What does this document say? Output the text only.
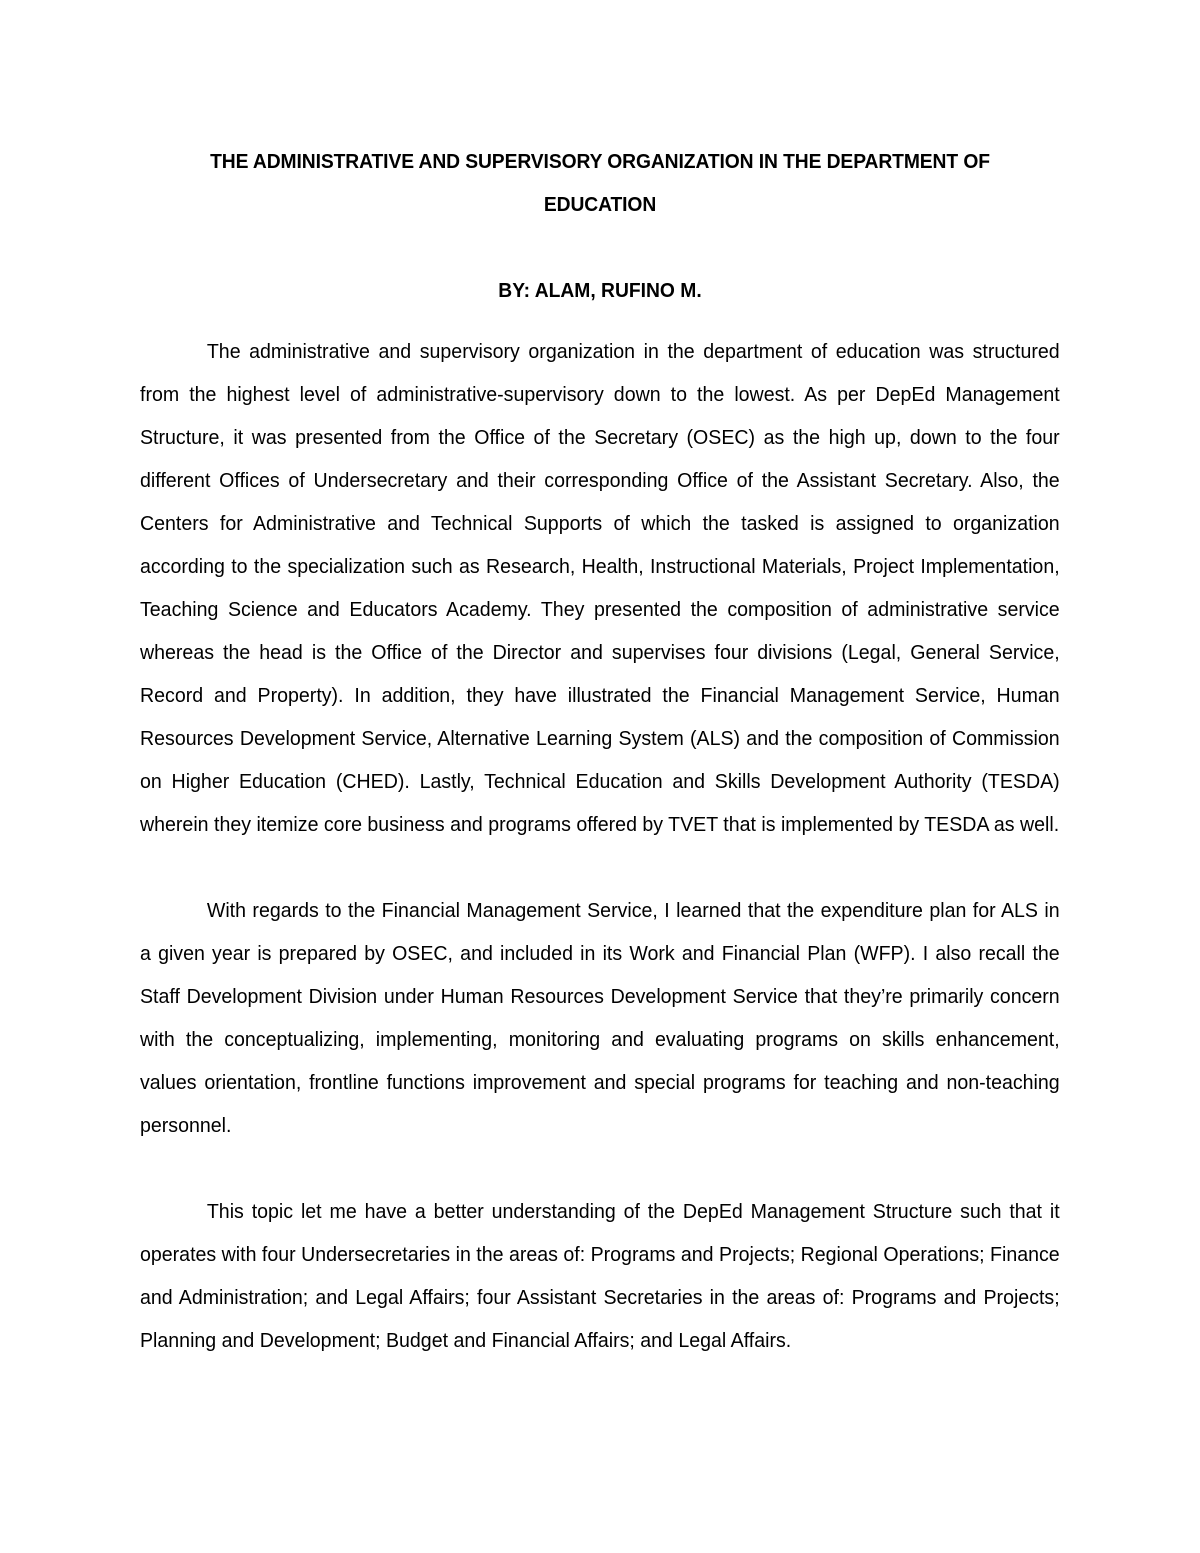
THE ADMINISTRATIVE AND SUPERVISORY ORGANIZATION IN THE DEPARTMENT OF EDUCATION
BY: ALAM, RUFINO M.

The administrative and supervisory organization in the department of education was structured from the highest level of administrative-supervisory down to the lowest. As per DepEd Management Structure, it was presented from the Office of the Secretary (OSEC) as the high up, down to the four different Offices of Undersecretary and their corresponding Office of the Assistant Secretary. Also, the Centers for Administrative and Technical Supports of which the tasked is assigned to organization according to the specialization such as Research, Health, Instructional Materials, Project Implementation, Teaching Science and Educators Academy. They presented the composition of administrative service whereas the head is the Office of the Director and supervises four divisions (Legal, General Service, Record and Property). In addition, they have illustrated the Financial Management Service, Human Resources Development Service, Alternative Learning System (ALS) and the composition of Commission on Higher Education (CHED). Lastly, Technical Education and Skills Development Authority (TESDA) wherein they itemize core business and programs offered by TVET that is implemented by TESDA as well.

With regards to the Financial Management Service, I learned that the expenditure plan for ALS in a given year is prepared by OSEC, and included in its Work and Financial Plan (WFP). I also recall the Staff Development Division under Human Resources Development Service that they’re primarily concern with the conceptualizing, implementing, monitoring and evaluating programs on skills enhancement, values orientation, frontline functions improvement and special programs for teaching and non-teaching personnel.

This topic let me have a better understanding of the DepEd Management Structure such that it operates with four Undersecretaries in the areas of: Programs and Projects; Regional Operations; Finance and Administration; and Legal Affairs; four Assistant Secretaries in the areas of: Programs and Projects; Planning and Development; Budget and Financial Affairs; and Legal Affairs.
